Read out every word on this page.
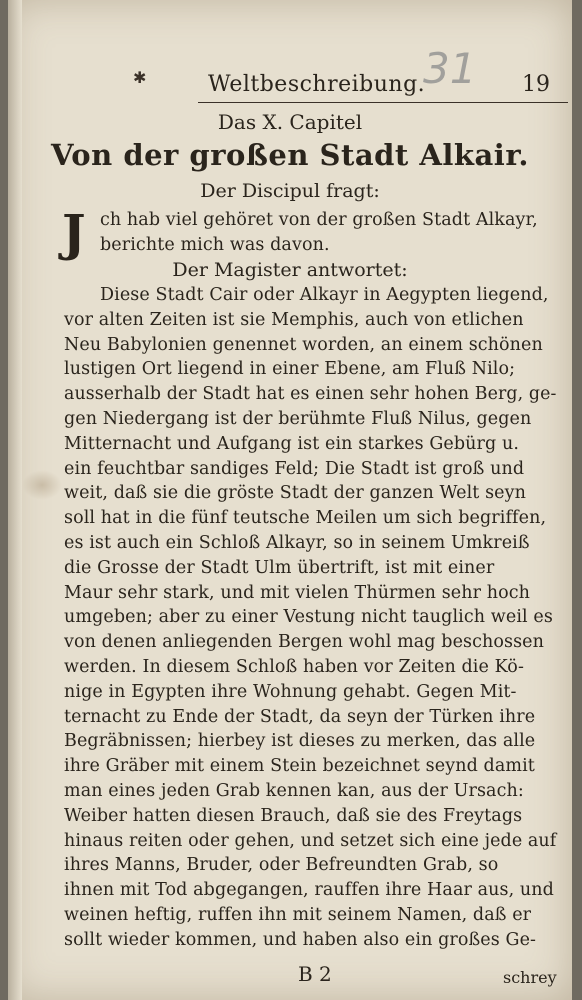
✱	31
Weltbeschreibung.	19
Das X. Capitel
Von der großen Stadt Alkair.
Der Discipul fragt:
J ch hab viel gehöret von der großen Stadt Alkayr,
berichte mich was davon.
Der Magister antwortet:
Diese Stadt Cair oder Alkayr in Aegypten liegend,
vor alten Zeiten ist sie Memphis, auch von etlichen
Neu Babylonien genennet worden, an einem schönen
lustigen Ort liegend in einer Ebene, am Fluß Nilo;
ausserhalb der Stadt hat es einen sehr hohen Berg, ge-
gen Niedergang ist der berühmte Fluß Nilus, gegen
Mitternacht und Aufgang ist ein starkes Gebürg u.
ein feuchtbar sandiges Feld; Die Stadt ist groß und
weit, daß sie die gröste Stadt der ganzen Welt seyn
soll hat in die fünf teutsche Meilen um sich begriffen,
es ist auch ein Schloß Alkayr, so in seinem Umkreiß
die Grosse der Stadt Ulm übertrift, ist mit einer
Maur sehr stark, und mit vielen Thürmen sehr hoch
umgeben; aber zu einer Vestung nicht tauglich weil es
von denen anliegenden Bergen wohl mag beschossen
werden. In diesem Schloß haben vor Zeiten die Kö-
nige in Egypten ihre Wohnung gehabt. Gegen Mit-
ternacht zu Ende der Stadt, da seyn der Türken ihre
Begräbnissen; hierbey ist dieses zu merken, das alle
ihre Gräber mit einem Stein bezeichnet seynd damit
man eines jeden Grab kennen kan, aus der Ursach:
Weiber hatten diesen Brauch, daß sie des Freytags
hinaus reiten oder gehen, und setzet sich eine jede auf
ihres Manns, Bruder, oder Befreundten Grab, so
ihnen mit Tod abgegangen, rauffen ihre Haar aus, und
weinen heftig, ruffen ihn mit seinem Namen, daß er
sollt wieder kommen, und haben also ein großes Ge-
B 2	schrey
